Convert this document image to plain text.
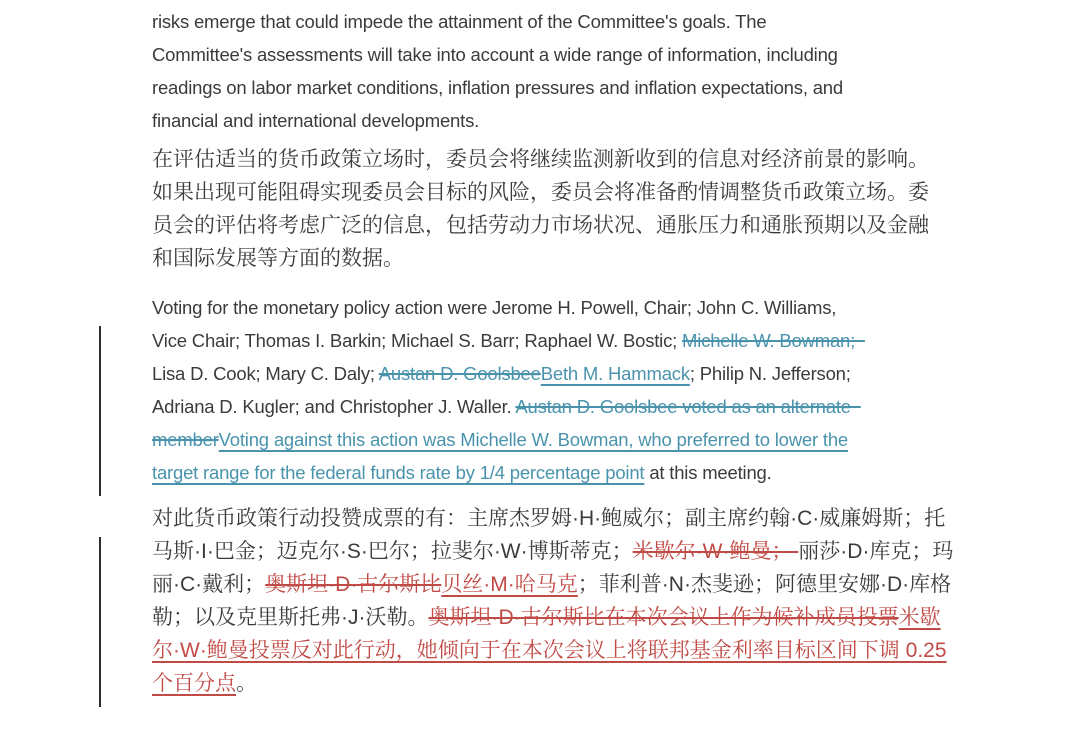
risks emerge that could impede the attainment of the Committee's goals. The
Committee's assessments will take into account a wide range of information, including
readings on labor market conditions, inflation pressures and inflation expectations, and
financial and international developments.
在评估适当的货币政策立场时，委员会将继续监测新收到的信息对经济前景的影响。
如果出现可能阻碍实现委员会目标的风险，委员会将准备酌情调整货币政策立场。委
员会的评估将考虑广泛的信息，包括劳动力市场状况、通胀压力和通胀预期以及金融
和国际发展等方面的数据。
Voting for the monetary policy action were Jerome H. Powell, Chair; John C. Williams,
Vice Chair; Thomas I. Barkin; Michael S. Barr; Raphael W. Bostic; Michelle W. Bowman;
Lisa D. Cook; Mary C. Daly; Austan D. GoolsbeeBeth M. Hammack; Philip N. Jefferson;
Adriana D. Kugler; and Christopher J. Waller. Austan D. Goolsbee voted as an alternate
memberVoting against this action was Michelle W. Bowman, who preferred to lower the
target range for the federal funds rate by 1/4 percentage point at this meeting.
对此货币政策行动投赞成票的有：主席杰罗姆·H·鲍威尔；副主席约翰·C·威廉姆斯；托
马斯·I·巴金；迈克尔·S·巴尔；拉斐尔·W·博斯蒂克；米歇尔·W·鲍曼； 丽莎·D·库克；玛
丽·C·戴利；奥斯坦·D·古尔斯比贝丝·M·哈马克；菲利普·N·杰斐逊；阿德里安娜·D·库格
勒；以及克里斯托弗·J·沃勒。奥斯坦·D·古尔斯比在本次会议上作为候补成员投票米歇
尔·W·鲍曼投票反对此行动，她倾向于在本次会议上将联邦基金利率目标区间下调 0.25
个百分点。
